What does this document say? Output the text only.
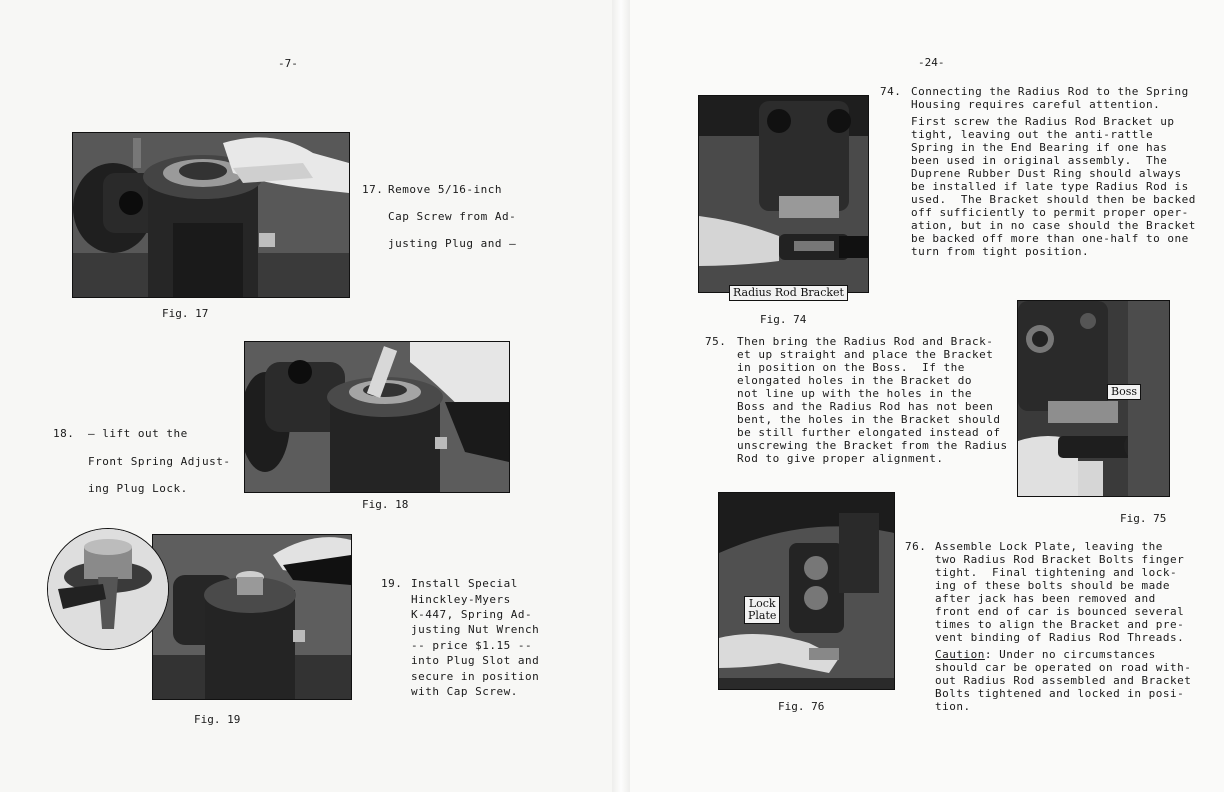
-7-
17. Remove 5/16-inch
Cap Screw from Ad-
justing Plug and —
Fig. 17
18. — lift out the
Front Spring Adjust-
ing Plug Lock.
Fig. 18
19. Install Special
Hinckley-Myers
K-447, Spring Ad-
justing Nut Wrench
-- price $1.15 --
into Plug Slot and
secure in position
with Cap Screw.
Fig. 19
-24-
Radius Rod Bracket
Fig. 74
74. Connecting the Radius Rod to the Spring
Housing requires careful attention.
First screw the Radius Rod Bracket up
tight, leaving out the anti-rattle
Spring in the End Bearing if one has
been used in original assembly.  The
Duprene Rubber Dust Ring should always
be installed if late type Radius Rod is
used.  The Bracket should then be backed
off sufficiently to permit proper oper-
ation, but in no case should the Bracket
be backed off more than one-half to one
turn from tight position.
75. Then bring the Radius Rod and Brack-
et up straight and place the Bracket
in position on the Boss.  If the
elongated holes in the Bracket do
not line up with the holes in the
Boss and the Radius Rod has not been
bent, the holes in the Bracket should
be still further elongated instead of
unscrewing the Bracket from the Radius
Rod to give proper alignment.
Boss
Fig. 75
Lock
Plate
Fig. 76
76. Assemble Lock Plate, leaving the
two Radius Rod Bracket Bolts finger
tight.  Final tightening and lock-
ing of these bolts should be made
after jack has been removed and
front end of car is bounced several
times to align the Bracket and pre-
vent binding of Radius Rod Threads.
Caution: Under no circumstances
should car be operated on road with-
out Radius Rod assembled and Bracket
Bolts tightened and locked in posi-
tion.
